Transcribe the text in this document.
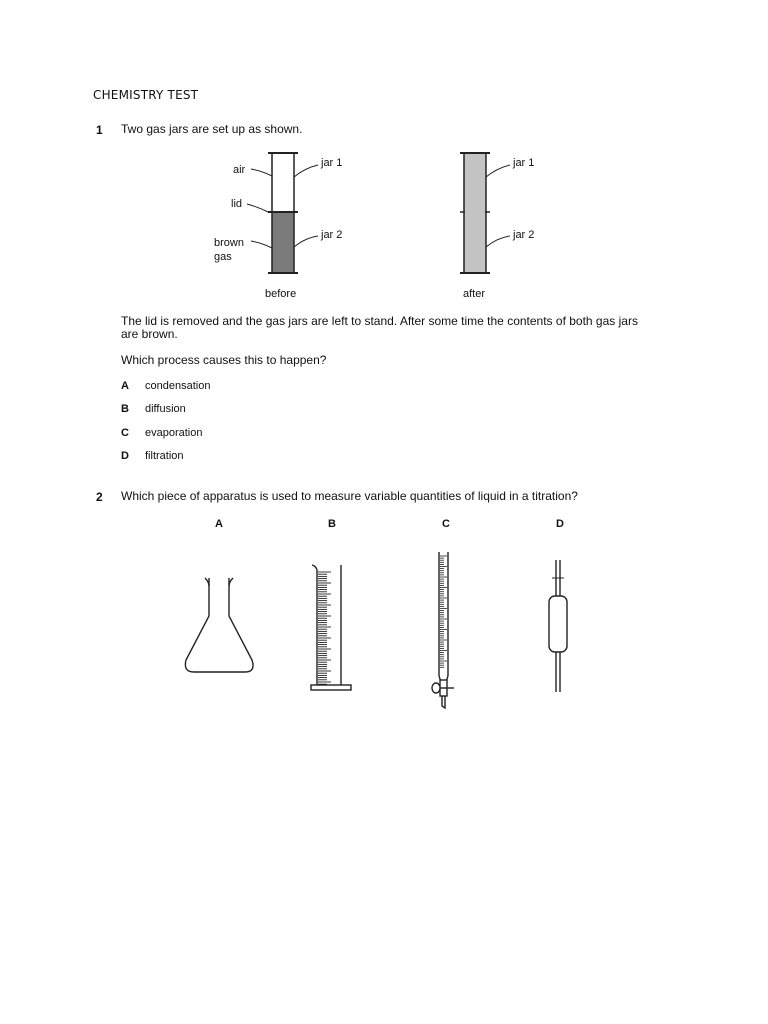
CHEMISTRY TEST
1 Two gas jars are set up as shown.
air
lid
brown
gas
jar 1
jar 2
jar 1
jar 2
before	after
The lid is removed and the gas jars are left to stand. After some time the contents of both gas jars
are brown.
Which process causes this to happen?
A condensation
B diffusion
C evaporation
D filtration
2 Which piece of apparatus is used to measure variable quantities of liquid in a titration?
A	B	C	D
